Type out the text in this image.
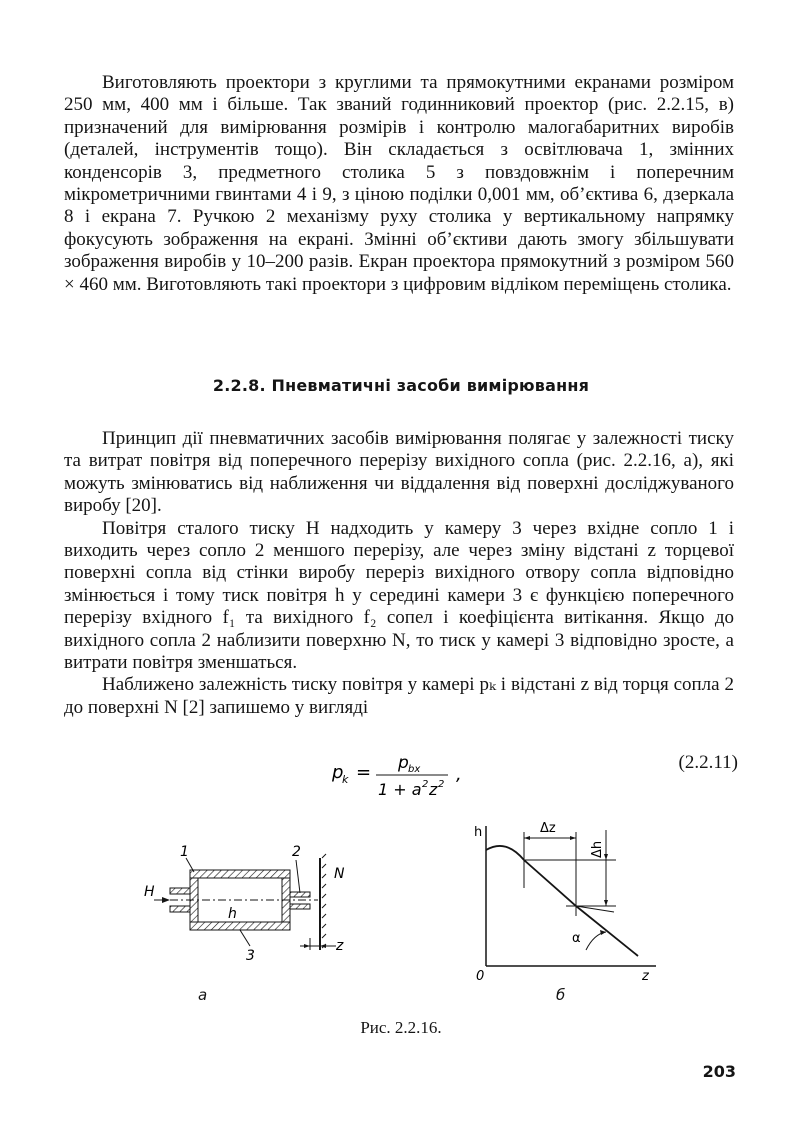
Виготовляють проектори з круглими та прямокутними екранами розміром 250 мм, 400 мм і більше. Так званий годинниковий проектор (рис. 2.2.15, в) призначений для вимірювання розмірів і контролю малогабаритних виробів (деталей, інструментів тощо). Він складається з освітлювача 1, змінних конденсорів 3, предметного столика 5 з повздовжнім і поперечним мікрометричними гвинтами 4 і 9, з ціною поділки 0,001 мм, об’єктива 6, дзеркала 8 і екрана 7. Ручкою 2 механізму руху столика у вертикальному напрямку фокусують зображення на екрані. Змінні об’єктиви дають змогу збільшувати зображення виробів у 10–200 разів. Екран проектора прямокутний з розміром 560 × 460 мм. Виготовляють такі проектори з цифровим відліком переміщень столика.

2.2.8. Пневматичні засоби вимірювання

Принцип дії пневматичних засобів вимірювання полягає у залежності тиску та витрат повітря від поперечного перерізу вихідного сопла (рис. 2.2.16, а), які можуть змінюватись від наближення чи віддалення від поверхні досліджуваного виробу [20].

Повітря сталого тиску H надходить у камеру 3 через вхідне сопло 1 і виходить через сопло 2 меншого перерізу, але через зміну відстані z торцевої поверхні сопла від стінки виробу переріз вихідного отвору сопла відповідно змінюється і тому тиск повітря h у середині камери 3 є функцією поперечного перерізу вхідного f₁ та вихідного f₂ сопел і коефіцієнта витікання. Якщо до вихідного сопла 2 наблизити поверхню N, то тиск у камері 3 відповідно зросте, а витрати повітря зменшаться.

Наближено залежність тиску повітря у камері pₖ і відстані z від торця сопла 2 до поверхні N [2] запишемо у вигляді

p
k = p bx
1 + a 2 z 2 ,
(2.2.11)
1	2
3
H
h
N
z
а
h	Δz
Δh
α
0	z
б
Рис. 2.2.16.
203
